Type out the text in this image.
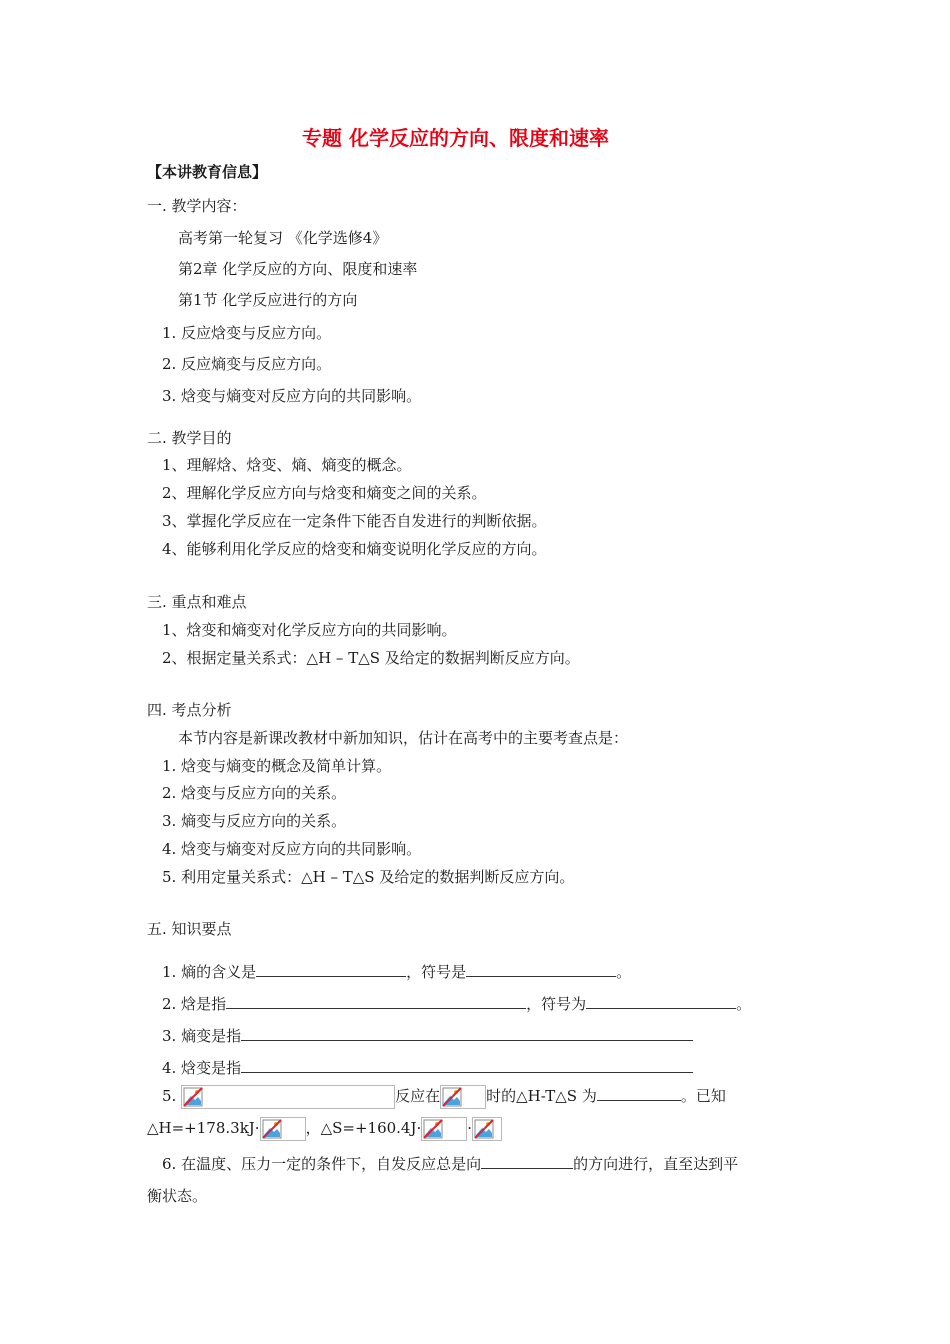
专题 化学反应的方向、限度和速率
【本讲教育信息】
一. 教学内容：
高考第一轮复习 《化学选修4》
第2章 化学反应的方向、限度和速率
第1节 化学反应进行的方向
1. 反应焓变与反应方向。
2. 反应熵变与反应方向。
3. 焓变与熵变对反应方向的共同影响。
二. 教学目的
1、理解焓、焓变、熵、熵变的概念。
2、理解化学反应方向与焓变和熵变之间的关系。
3、掌握化学反应在一定条件下能否自发进行的判断依据。
4、能够利用化学反应的焓变和熵变说明化学反应的方向。
三. 重点和难点
1、焓变和熵变对化学反应方向的共同影响。
2、根据定量关系式：△H – T△S 及给定的数据判断反应方向。
四. 考点分析
本节内容是新课改教材中新加知识，估计在高考中的主要考查点是：
1. 焓变与熵变的概念及简单计算。
2. 焓变与反应方向的关系。
3. 熵变与反应方向的关系。
4. 焓变与熵变对反应方向的共同影响。
5. 利用定量关系式：△H – T△S 及给定的数据判断反应方向。
五. 知识要点
1. 熵的含义是	，符号是	。
2. 焓是指	，符号为	。
3. 熵变是指
4. 焓变是指
5.	反应在	时的△H-T△S 为	。已知
△H=+178.3kJ·	，△S=+160.4J·	·
6. 在温度、压力一定的条件下，自发反应总是向	的方向进行，直至达到平
衡状态。
